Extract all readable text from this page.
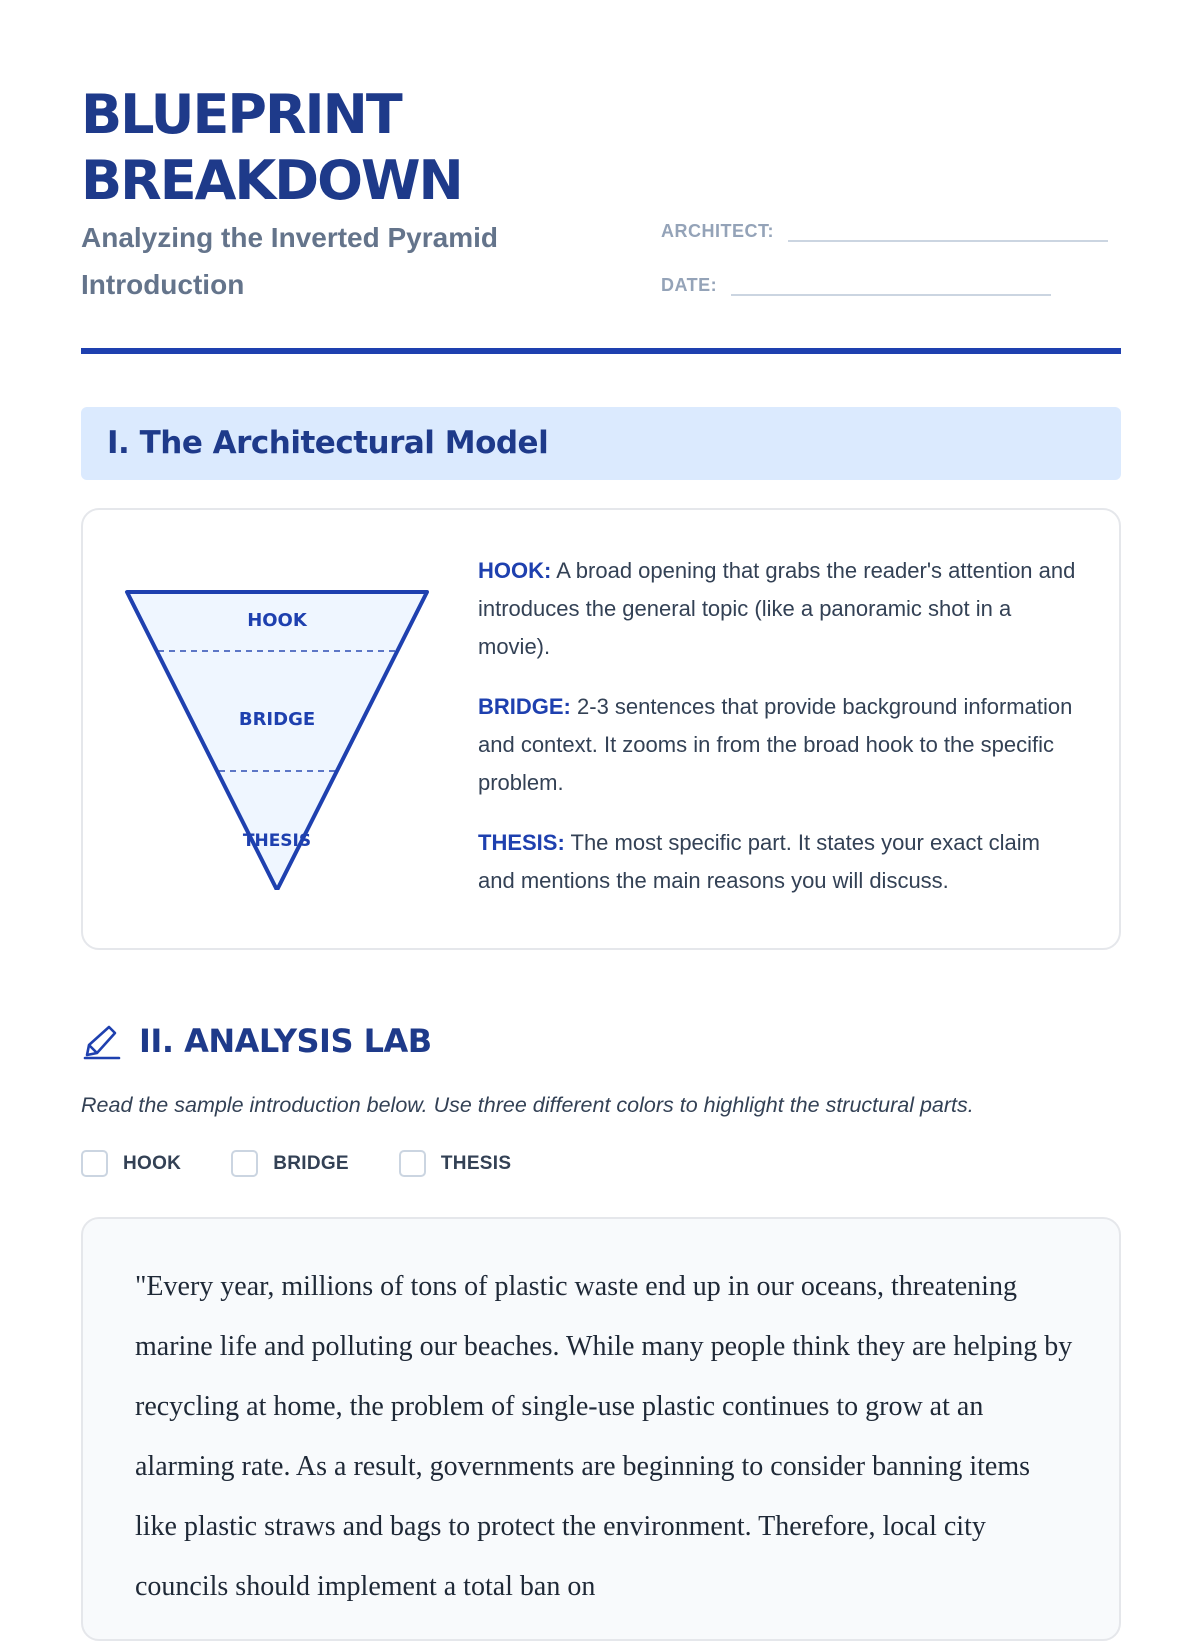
BLUEPRINT
BREAKDOWN

Analyzing the Inverted Pyramid Introduction

ARCHITECT:
DATE:
I. The Architectural Model
HOOK
BRIDGE
THESIS

HOOK: A broad opening that grabs the reader's attention and introduces the general topic (like a panoramic shot in a movie).

BRIDGE: 2-3 sentences that provide background information and context. It zooms in from the broad hook to the specific problem.

THESIS: The most specific part. It states your exact claim and mentions the main reasons you will discuss.

II. ANALYSIS LAB

Read the sample introduction below. Use three different colors to highlight the structural parts.

HOOK	BRIDGE	THESIS

"Every year, millions of tons of plastic waste end up in our oceans, threatening marine life and polluting our beaches. While many people think they are helping by recycling at home, the problem of single-use plastic continues to grow at an alarming rate. As a result, governments are beginning to consider banning items like plastic straws and bags to protect the environment. Therefore, local city councils should implement a total ban on
